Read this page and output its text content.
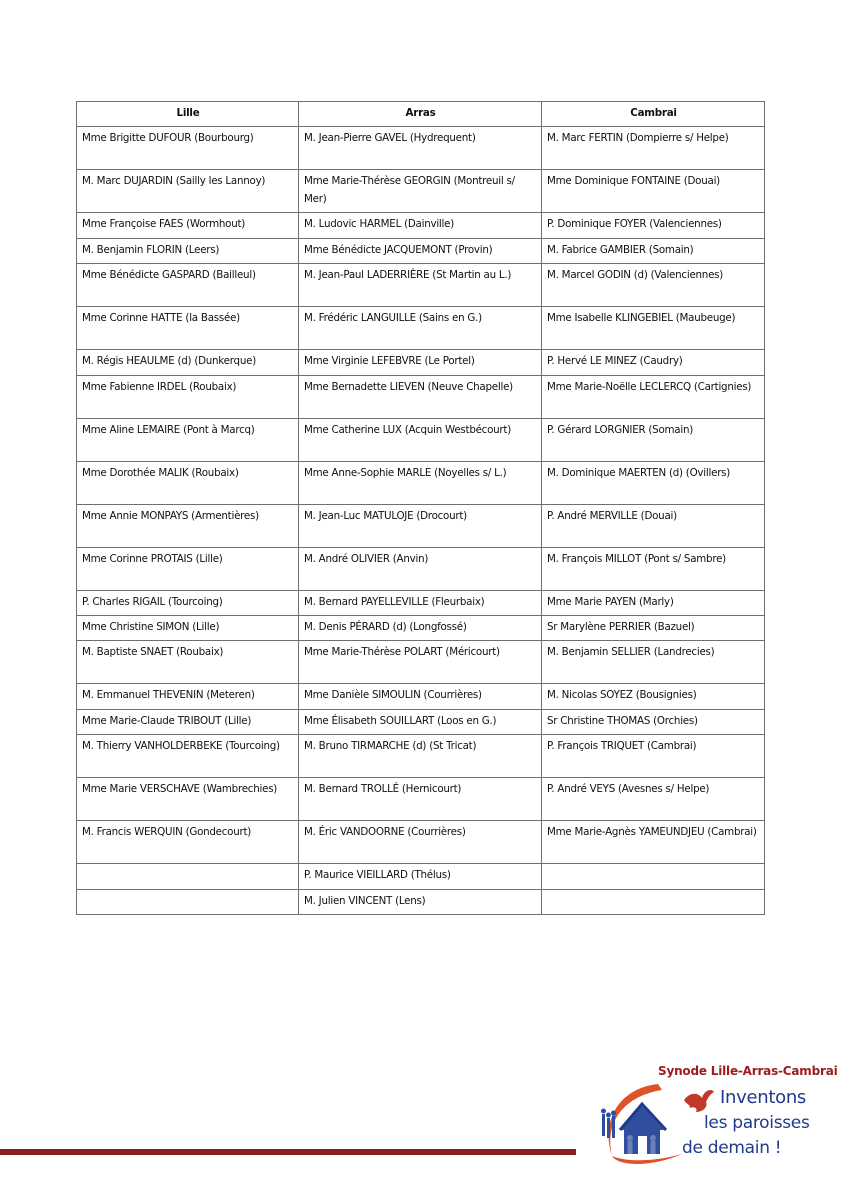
Lille	Arras	Cambrai
Mme Brigitte DUFOUR (Bourbourg)	M. Jean-Pierre GAVEL (Hydrequent)	M. Marc FERTIN (Dompierre s/ Helpe)
M. Marc DUJARDIN (Sailly les Lannoy)	Mme Marie-Thérèse GEORGIN (Montreuil s/ Mer)	Mme Dominique FONTAINE (Douai)
Mme Françoise FAES (Wormhout)	M. Ludovic HARMEL (Dainville)	P. Dominique FOYER (Valenciennes)
M. Benjamin FLORIN (Leers)	Mme Bénédicte JACQUEMONT (Provin)	M. Fabrice GAMBIER (Somain)
Mme Bénédicte GASPARD (Bailleul)	M. Jean-Paul LADERRIÈRE (St Martin au L.)	M. Marcel GODIN (d) (Valenciennes)
Mme Corinne HATTE (la Bassée)	M. Frédéric LANGUILLE (Sains en G.)	Mme Isabelle KLINGEBIEL (Maubeuge)
M. Régis HEAULME (d) (Dunkerque)	Mme Virginie LEFEBVRE (Le Portel)	P. Hervé LE MINEZ (Caudry)
Mme Fabienne IRDEL (Roubaix)	Mme Bernadette LIEVEN (Neuve Chapelle)	Mme Marie-Noëlle LECLERCQ (Cartignies)
Mme Aline LEMAIRE (Pont à Marcq)	Mme Catherine LUX (Acquin Westbécourt)	P. Gérard LORGNIER (Somain)
Mme Dorothée MALIK (Roubaix)	Mme Anne-Sophie MARLE (Noyelles s/ L.)	M. Dominique MAERTEN (d) (Ovillers)
Mme Annie MONPAYS (Armentières)	M. Jean-Luc MATULOJE (Drocourt)	P. André MERVILLE (Douai)
Mme Corinne PROTAIS (Lille)	M. André OLIVIER (Anvin)	M. François MILLOT (Pont s/ Sambre)
P. Charles RIGAIL (Tourcoing)	M. Bernard PAYELLEVILLE (Fleurbaix)	Mme Marie PAYEN (Marly)
Mme Christine SIMON (Lille)	M. Denis PÉRARD (d) (Longfossé)	Sr Marylène PERRIER (Bazuel)
M. Baptiste SNAET (Roubaix)	Mme Marie-Thérèse POLART (Méricourt)	M. Benjamin SELLIER (Landrecies)
M. Emmanuel THEVENIN (Meteren)	Mme Danièle SIMOULIN (Courrières)	M. Nicolas SOYEZ (Bousignies)
Mme Marie-Claude TRIBOUT (Lille)	Mme Élisabeth SOUILLART (Loos en G.)	Sr Christine THOMAS (Orchies)
M. Thierry VANHOLDERBEKE (Tourcoing)	M. Bruno TIRMARCHE (d) (St Tricat)	P. François TRIQUET (Cambrai)
Mme Marie VERSCHAVE (Wambrechies)	M. Bernard TROLLÉ (Hernicourt)	P. André VEYS (Avesnes s/ Helpe)
M. Francis WERQUIN (Gondecourt)	M. Éric VANDOORNE (Courrières)	Mme Marie-Agnès YAMEUNDJEU (Cambrai)
	P. Maurice VIEILLARD (Thélus)	
	M. Julien VINCENT (Lens)	
Synode Lille-Arras-Cambrai
Inventons
les paroisses
de demain !
